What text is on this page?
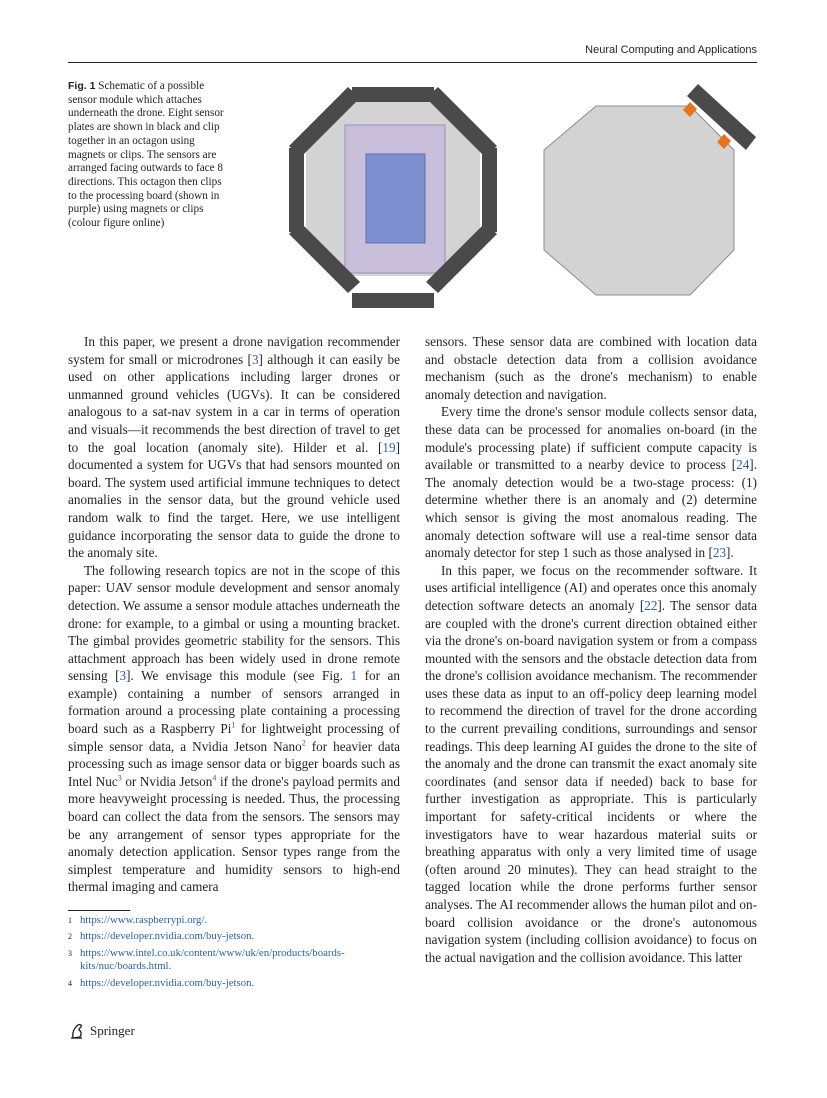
Neural Computing and Applications
Fig. 1 Schematic of a possible sensor module which attaches underneath the drone. Eight sensor plates are shown in black and clip together in an octagon using magnets or clips. The sensors are arranged facing outwards to face 8 directions. This octagon then clips to the processing board (shown in purple) using magnets or clips (colour figure online)

In this paper, we present a drone navigation recommender system for small or microdrones [3] although it can easily be used on other applications including larger drones or unmanned ground vehicles (UGVs). It can be considered analogous to a sat-nav system in a car in terms of operation and visuals—it recommends the best direction of travel to get to the goal location (anomaly site). Hilder et al. [19] documented a system for UGVs that had sensors mounted on board. The system used artificial immune techniques to detect anomalies in the sensor data, but the ground vehicle used random walk to find the target. Here, we use intelligent guidance incorporating the sensor data to guide the drone to the anomaly site.

The following research topics are not in the scope of this paper: UAV sensor module development and sensor anomaly detection. We assume a sensor module attaches underneath the drone: for example, to a gimbal or using a mounting bracket. The gimbal provides geometric stability for the sensors. This attachment approach has been widely used in drone remote sensing [3]. We envisage this module (see Fig. 1 for an example) containing a number of sensors arranged in formation around a processing plate containing a processing board such as a Raspberry Pi$^1$ for lightweight processing of simple sensor data, a Nvidia Jetson Nano$^2$ for heavier data processing such as image sensor data or bigger boards such as Intel Nuc$^3$ or Nvidia Jetson$^4$ if the drone's payload permits and more heavyweight processing is needed. Thus, the processing board can collect the data from the sensors. The sensors may be any arrangement of sensor types appropriate for the anomaly detection application. Sensor types range from the simplest temperature and humidity sensors to high-end thermal imaging and camera

sensors. These sensor data are combined with location data and obstacle detection data from a collision avoidance mechanism (such as the drone's mechanism) to enable anomaly detection and navigation.

Every time the drone's sensor module collects sensor data, these data can be processed for anomalies on-board (in the module's processing plate) if sufficient compute capacity is available or transmitted to a nearby device to process [24]. The anomaly detection would be a two-stage process: (1) determine whether there is an anomaly and (2) determine which sensor is giving the most anomalous reading. The anomaly detection software will use a real-time sensor data anomaly detector for step 1 such as those analysed in [23].

In this paper, we focus on the recommender software. It uses artificial intelligence (AI) and operates once this anomaly detection software detects an anomaly [22]. The sensor data are coupled with the drone's current direction obtained either via the drone's on-board navigation system or from a compass mounted with the sensors and the obstacle detection data from the drone's collision avoidance mechanism. The recommender uses these data as input to an off-policy deep learning model to recommend the direction of travel for the drone according to the current prevailing conditions, surroundings and sensor readings. This deep learning AI guides the drone to the site of the anomaly and the drone can transmit the exact anomaly site coordinates (and sensor data if needed) back to base for further investigation as appropriate. This is particularly important for safety-critical incidents or where the investigators have to wear hazardous material suits or breathing apparatus with only a very limited time of usage (often around 20 minutes). They can head straight to the tagged location while the drone performs further sensor analyses. The AI recommender allows the human pilot and on-board collision avoidance or the drone's autonomous navigation system (including collision avoidance) to focus on the actual navigation and the collision avoidance. This latter

1 https://www.raspberrypi.org/.
2 https://developer.nvidia.com/buy-jetson.
3 https://www.intel.co.uk/content/www/uk/en/products/boards-kits/nuc/boards.html.
4 https://developer.nvidia.com/buy-jetson.
Springer
